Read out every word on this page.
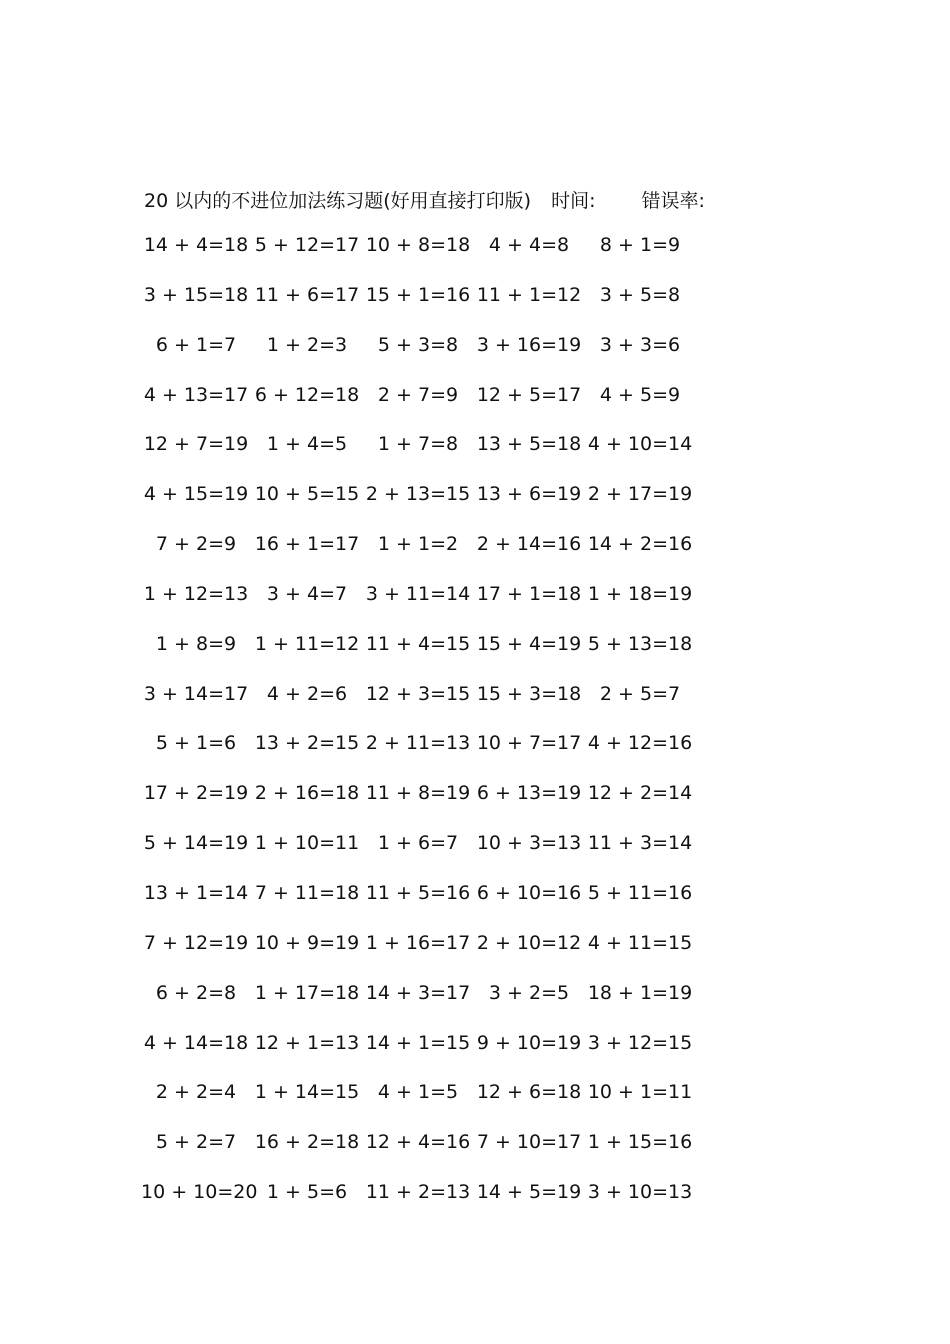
20 以内的不进位加法练习题(好用直接打印版) 时间: 错误率:
14 + 4=18 5 + 12=17 10 + 8=18 4 + 4=8	8 + 1=9
3 + 15=18 11 + 6=17 15 + 1=16 11 + 1=12 3 + 5=8
6 + 1=7	1 + 2=3	5 + 3=8 3 + 16=19 3 + 3=6
4 + 13=17 6 + 12=18 2 + 7=9 12 + 5=17 4 + 5=9
12 + 7=19 1 + 4=5	1 + 7=8 13 + 5=18 4 + 10=14
4 + 15=19 10 + 5=15 2 + 13=15 13 + 6=19 2 + 17=19
7 + 2=9 16 + 1=17 1 + 1=2 2 + 14=16 14 + 2=16
1 + 12=13 3 + 4=7 3 + 11=14 17 + 1=18 1 + 18=19
1 + 8=9 1 + 11=12 11 + 4=15 15 + 4=19 5 + 13=18
3 + 14=17 4 + 2=6 12 + 3=15 15 + 3=18 2 + 5=7
5 + 1=6 13 + 2=15 2 + 11=13 10 + 7=17 4 + 12=16
17 + 2=19 2 + 16=18 11 + 8=19 6 + 13=19 12 + 2=14
5 + 14=19 1 + 10=11 1 + 6=7 10 + 3=13 11 + 3=14
13 + 1=14 7 + 11=18 11 + 5=16 6 + 10=16 5 + 11=16
7 + 12=19 10 + 9=19 1 + 16=17 2 + 10=12 4 + 11=15
6 + 2=8 1 + 17=18 14 + 3=17 3 + 2=5 18 + 1=19
4 + 14=18 12 + 1=13 14 + 1=15 9 + 10=19 3 + 12=15
2 + 2=4 1 + 14=15 4 + 1=5 12 + 6=18 10 + 1=11
5 + 2=7 16 + 2=18 12 + 4=16 7 + 10=17 1 + 15=16
10 + 10=20 1 + 5=6 11 + 2=13 14 + 5=19 3 + 10=13
